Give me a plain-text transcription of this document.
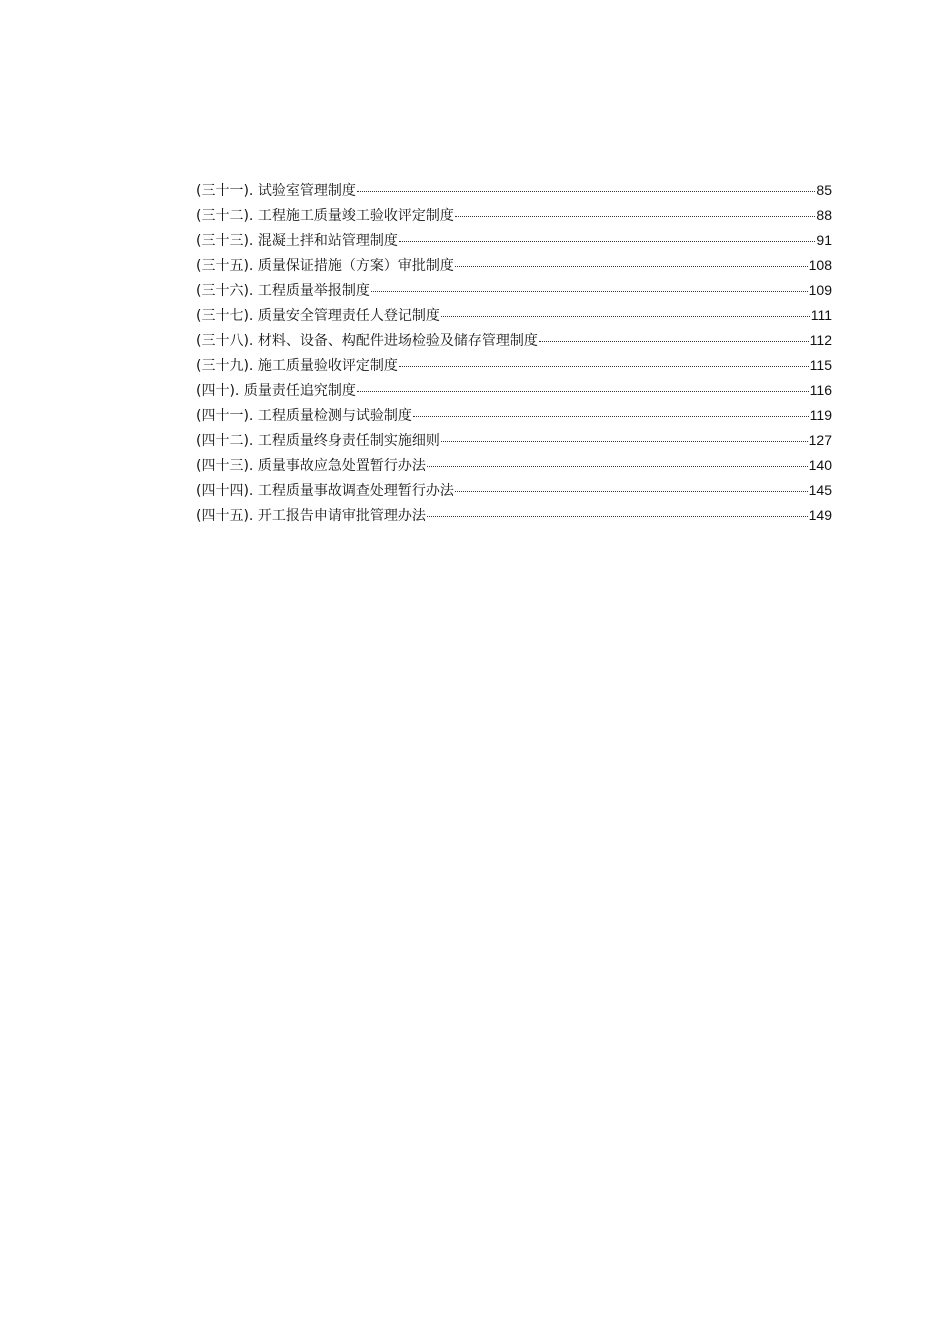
(三十一). 试验室管理制度	85
(三十二). 工程施工质量竣工验收评定制度	88
(三十三). 混凝土拌和站管理制度	91
(三十五). 质量保证措施（方案）审批制度	108
(三十六). 工程质量举报制度	109
(三十七). 质量安全管理责任人登记制度	111
(三十八). 材料、设备、构配件进场检验及储存管理制度	112
(三十九). 施工质量验收评定制度	115
(四十). 质量责任追究制度	116
(四十一). 工程质量检测与试验制度	119
(四十二). 工程质量终身责任制实施细则	127
(四十三). 质量事故应急处置暂行办法	140
(四十四). 工程质量事故调查处理暂行办法	145
(四十五). 开工报告申请审批管理办法	149
